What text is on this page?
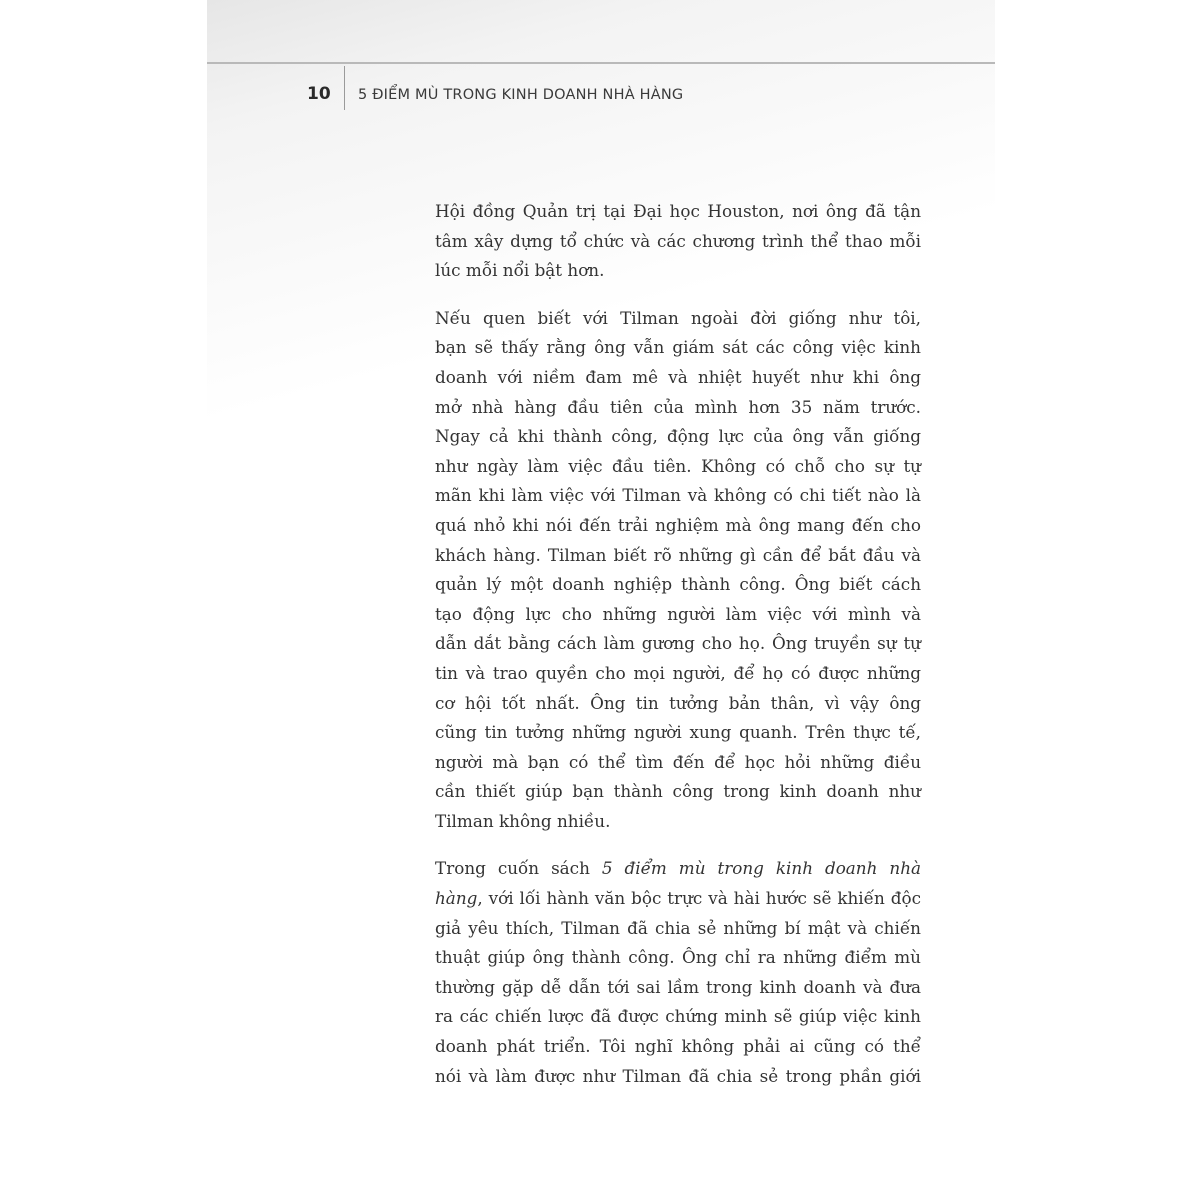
10	5 ĐIỂM MÙ TRONG KINH DOANH NHÀ HÀNG

Hội đồng Quản trị tại Đại học Houston, nơi ông đã tận
tâm xây dựng tổ chức và các chương trình thể thao mỗi
lúc mỗi nổi bật hơn.

Nếu quen biết với Tilman ngoài đời giống như tôi,
bạn sẽ thấy rằng ông vẫn giám sát các công việc kinh
doanh với niềm đam mê và nhiệt huyết như khi ông
mở nhà hàng đầu tiên của mình hơn 35 năm trước.
Ngay cả khi thành công, động lực của ông vẫn giống
như ngày làm việc đầu tiên. Không có chỗ cho sự tự
mãn khi làm việc với Tilman và không có chi tiết nào là
quá nhỏ khi nói đến trải nghiệm mà ông mang đến cho
khách hàng. Tilman biết rõ những gì cần để bắt đầu và
quản lý một doanh nghiệp thành công. Ông biết cách
tạo động lực cho những người làm việc với mình và
dẫn dắt bằng cách làm gương cho họ. Ông truyền sự tự
tin và trao quyền cho mọi người, để họ có được những
cơ hội tốt nhất. Ông tin tưởng bản thân, vì vậy ông
cũng tin tưởng những người xung quanh. Trên thực tế,
người mà bạn có thể tìm đến để học hỏi những điều
cần thiết giúp bạn thành công trong kinh doanh như
Tilman không nhiều.

Trong cuốn sách 5 điểm mù trong kinh doanh nhà
hàng, với lối hành văn bộc trực và hài hước sẽ khiến độc
giả yêu thích, Tilman đã chia sẻ những bí mật và chiến
thuật giúp ông thành công. Ông chỉ ra những điểm mù
thường gặp dễ dẫn tới sai lầm trong kinh doanh và đưa
ra các chiến lược đã được chứng minh sẽ giúp việc kinh
doanh phát triển. Tôi nghĩ không phải ai cũng có thể
nói và làm được như Tilman đã chia sẻ trong phần giới
